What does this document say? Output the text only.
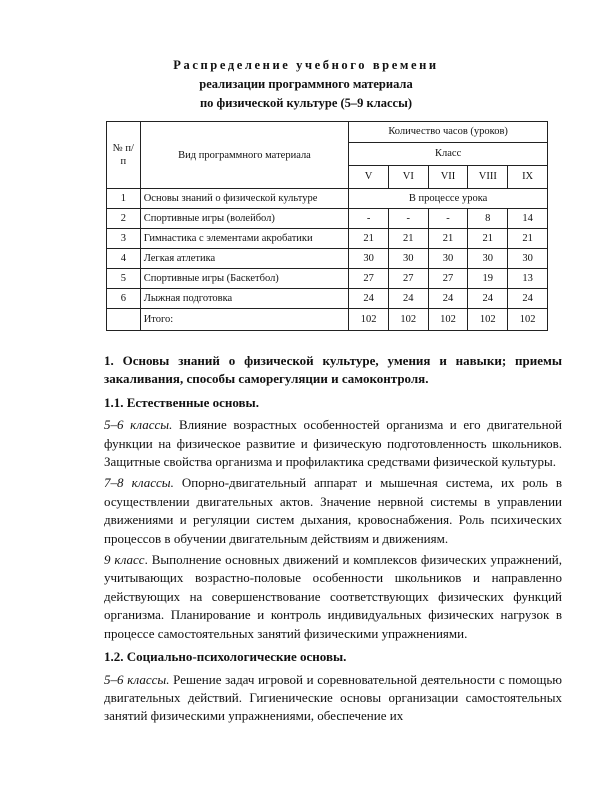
Распределение учебного времени
реализации программного материала
по физической культуре (5–9 классы)
№ п/п	Вид программного материала	Количество часов (уроков)				
		Класс				
		V	VI	VII	VIII	IX
1	Основы знаний о физической культуре	В процессе урока				
2	Спортивные игры (волейбол)	-	-	-	8	14
3	Гимнастика с элементами акробатики	21	21	21	21	21
4	Легкая атлетика	30	30	30	30	30
5	Спортивные игры (Баскетбол)	27	27	27	19	13
6	Лыжная подготовка	24	24	24	24	24
	Итого:	102	102	102	102	102

1. Основы знаний о физической культуре, умения и навыки; приемы закаливания, способы саморегуляции и самоконтроля.

1.1. Естественные основы.

5–6 классы. Влияние возрастных особенностей организма и его двигательной функции на физическое развитие и физическую подготовленность школьников. Защитные свойства организма и профилактика средствами физической культуры.

7–8 классы. Опорно-двигательный аппарат и мышечная система, их роль в осуществлении двигательных актов. Значение нервной системы в управлении движениями и регуляции систем дыхания, кровоснабжения. Роль психических процессов в обучении двигательным действиям и движениям.

9 класс. Выполнение основных движений и комплексов физических упражнений, учитывающих возрастно-половые особенности школьников и направленно действующих на совершенствование соответствующих физических функций организма. Планирование и контроль индивидуальных физических нагрузок в процессе самостоятельных занятий физическими упражнениями.

1.2. Социально-психологические основы.

5–6 классы. Решение задач игровой и соревновательной деятельности с помощью двигательных действий. Гигиенические основы организации самостоятельных занятий физическими упражнениями, обеспечение их
